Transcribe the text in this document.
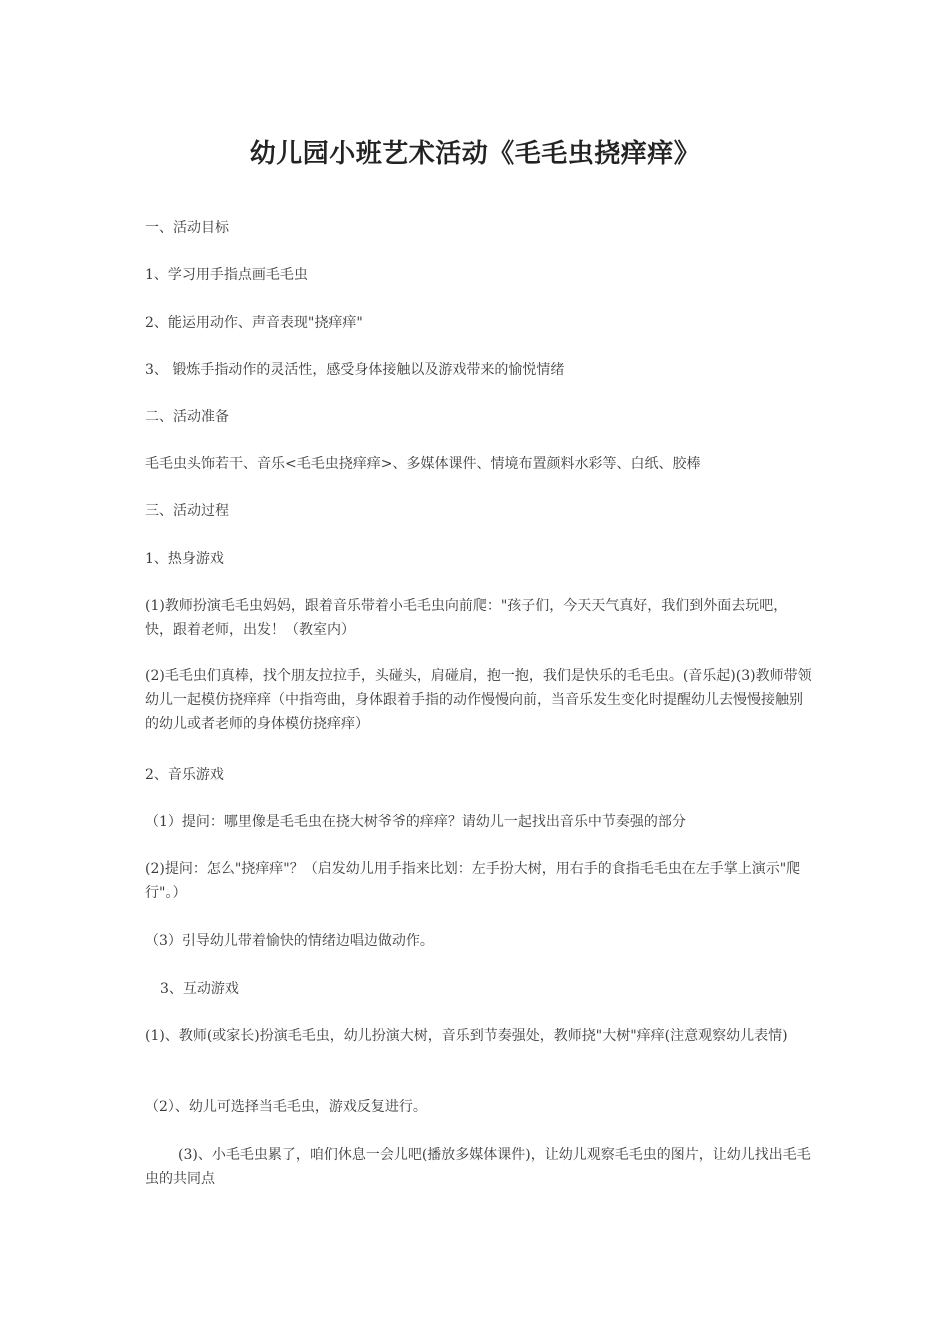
幼儿园小班艺术活动《毛毛虫挠痒痒》
一、活动目标
1、学习用手指点画毛毛虫
2、能运用动作、声音表现"挠痒痒"
3、 锻炼手指动作的灵活性，感受身体接触以及游戏带来的愉悦情绪
二、活动准备
毛毛虫头饰若干、音乐<毛毛虫挠痒痒>、多媒体课件、情境布置颜料水彩等、白纸、胶棒
三、活动过程
1、热身游戏
(1)教师扮演毛毛虫妈妈，跟着音乐带着小毛毛虫向前爬："孩子们，今天天气真好，我们到外面去玩吧，快，跟着老师，出发！（教室内）
(2)毛毛虫们真棒，找个朋友拉拉手，头碰头，肩碰肩，抱一抱，我们是快乐的毛毛虫。(音乐起)(3)教师带领幼儿一起模仿挠痒痒（中指弯曲，身体跟着手指的动作慢慢向前，当音乐发生变化时提醒幼儿去慢慢接触别的幼儿或者老师的身体模仿挠痒痒）
2、音乐游戏
（1）提问：哪里像是毛毛虫在挠大树爷爷的痒痒？请幼儿一起找出音乐中节奏强的部分
(2)提问：怎么"挠痒痒"？（启发幼儿用手指来比划：左手扮大树，用右手的食指毛毛虫在左手掌上演示"爬行"。）
（3）引导幼儿带着愉快的情绪边唱边做动作。
3、互动游戏
(1)、教师(或家长)扮演毛毛虫，幼儿扮演大树，音乐到节奏强处，教师挠"大树"痒痒(注意观察幼儿表情)
（2）、幼儿可选择当毛毛虫，游戏反复进行。
(3)、小毛毛虫累了，咱们休息一会儿吧(播放多媒体课件)，让幼儿观察毛毛虫的图片，让幼儿找出毛毛虫的共同点
